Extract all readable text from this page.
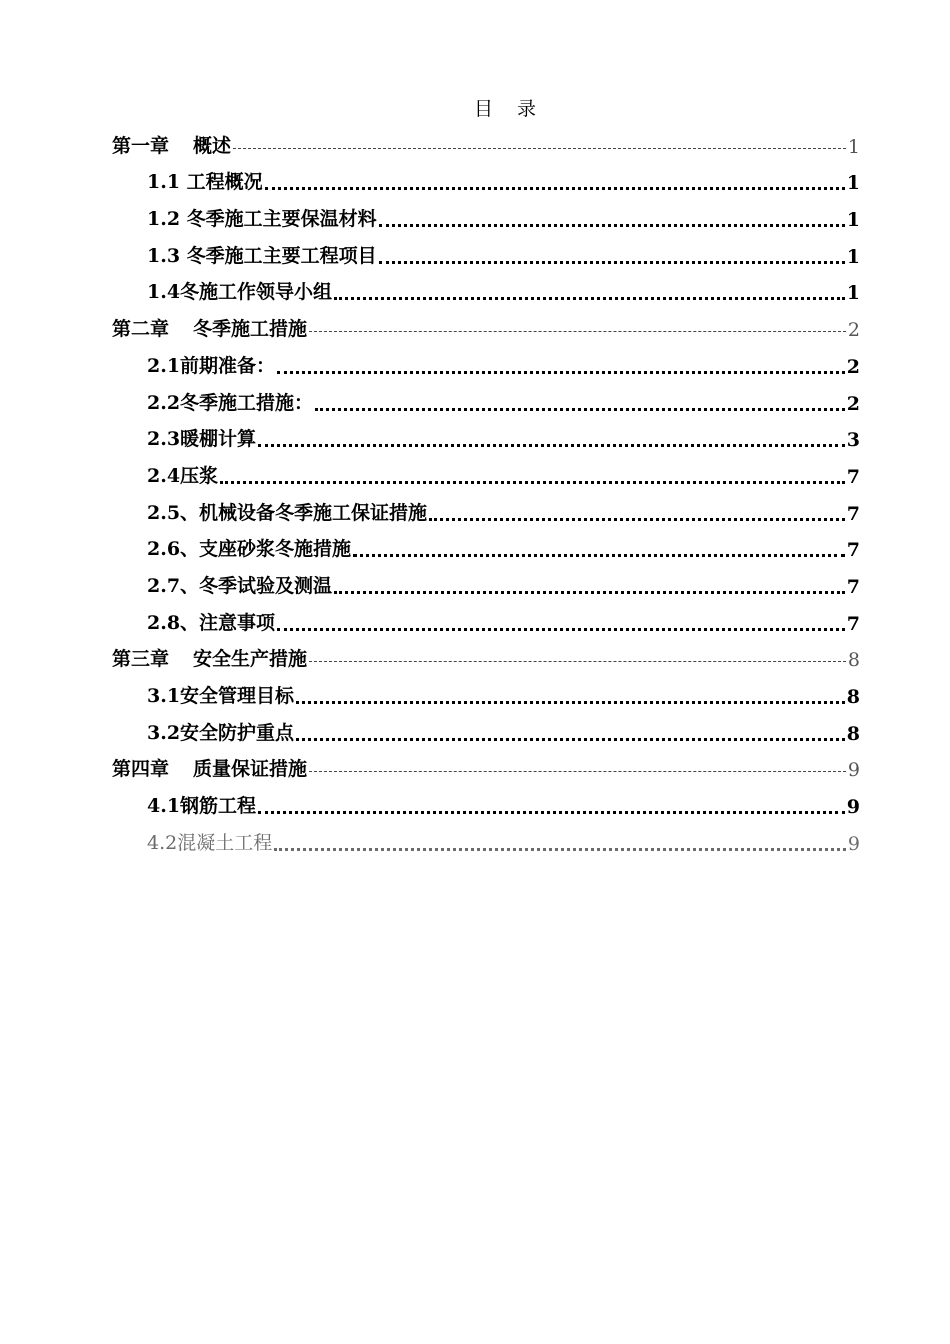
目 录
第一章 概述	1
1.1 工程概况	1
1.2 冬季施工主要保温材料	1
1.3 冬季施工主要工程项目	1
1.4冬施工作领导小组	1
第二章 冬季施工措施	2
2.1前期准备：	2
2.2冬季施工措施：	2
2.3暖棚计算	3
2.4压浆	7
2.5、机械设备冬季施工保证措施	7
2.6、支座砂浆冬施措施	7
2.7、冬季试验及测温	7
2.8、注意事项	7
第三章 安全生产措施	8
3.1安全管理目标	8
3.2安全防护重点	8
第四章 质量保证措施	9
4.1钢筋工程	9
4.2混凝土工程	9
